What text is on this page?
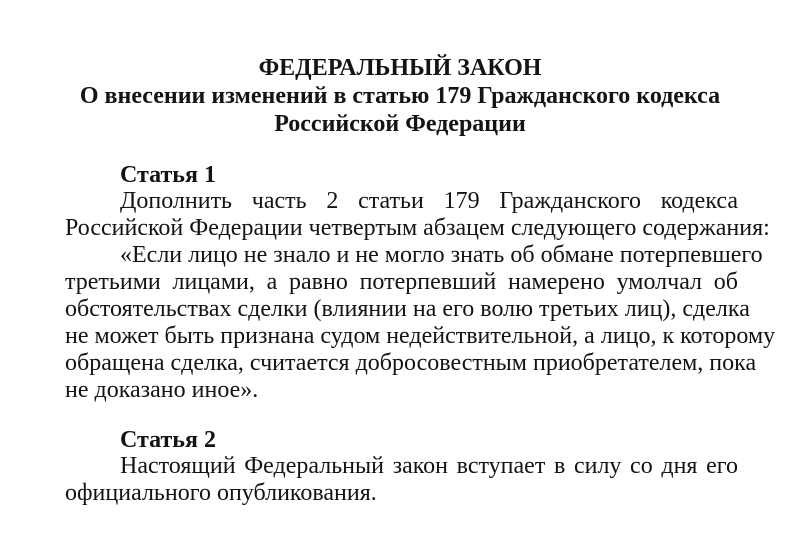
ФЕДЕРАЛЬНЫЙ ЗАКОН
О внесении изменений в статью 179 Гражданского кодекса
Российской Федерации
Статья 1
Дополнить часть 2 статьи 179 Гражданского кодекса
Российской Федерации четвертым абзацем следующего содержания:
«Если лицо не знало и не могло знать об обмане потерпевшего
третьими лицами, а равно потерпевший намерено умолчал об
обстоятельствах сделки (влиянии на его волю третьих лиц), сделка
не может быть признана судом недействительной, а лицо, к которому
обращена сделка, считается добросовестным приобретателем, пока
не доказано иное».
Статья 2
Настоящий Федеральный закон вступает в силу со дня его
официального опубликования.
